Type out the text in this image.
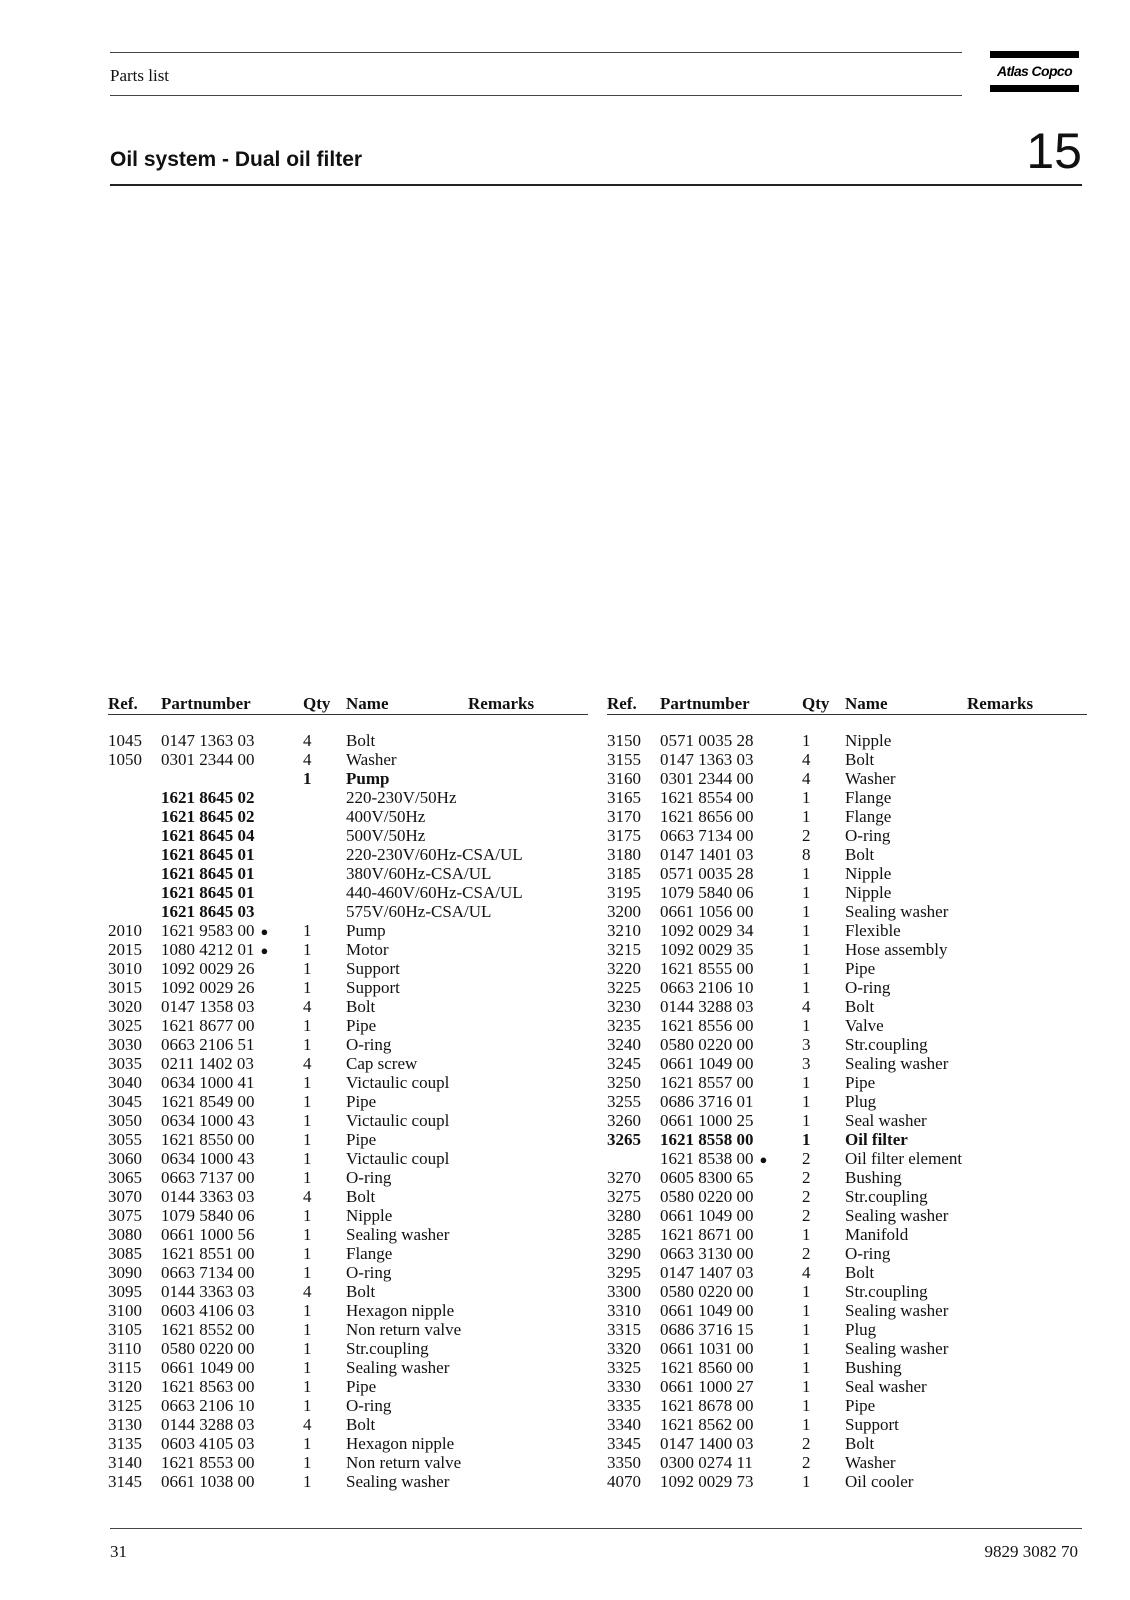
Parts list	Atlas Copco
Oil system - Dual oil filter	15
Ref. Partnumber	Qty Name	Remarks
1045 0147 1363 03	4 Bolt
1050 0301 2344 00	4 Washer
1 Pump
1621 8645 02	220-230V/50Hz
1621 8645 02	400V/50Hz
1621 8645 04	500V/50Hz
1621 8645 01	220-230V/60Hz-CSA/UL
1621 8645 01	380V/60Hz-CSA/UL
1621 8645 01	440-460V/60Hz-CSA/UL
1621 8645 03	575V/60Hz-CSA/UL
2010 1621 9583 00 ● 1 Pump
2015 1080 4212 01 ● 1 Motor
3010 1092 0029 26	1 Support
3015 1092 0029 26	1 Support
3020 0147 1358 03	4 Bolt
3025 1621 8677 00	1 Pipe
3030 0663 2106 51	1 O-ring
3035 0211 1402 03	4 Cap screw
3040 0634 1000 41	1 Victaulic coupl
3045 1621 8549 00	1 Pipe
3050 0634 1000 43	1 Victaulic coupl
3055 1621 8550 00	1 Pipe
3060 0634 1000 43	1 Victaulic coupl
3065 0663 7137 00	1 O-ring
3070 0144 3363 03	4 Bolt
3075 1079 5840 06	1 Nipple
3080 0661 1000 56	1 Sealing washer
3085 1621 8551 00	1 Flange
3090 0663 7134 00	1 O-ring
3095 0144 3363 03	4 Bolt
3100 0603 4106 03	1 Hexagon nipple
3105 1621 8552 00	1 Non return valve
3110 0580 0220 00	1 Str.coupling
3115 0661 1049 00	1 Sealing washer
3120 1621 8563 00	1 Pipe
3125 0663 2106 10	1 O-ring
3130 0144 3288 03	4 Bolt
3135 0603 4105 03	1 Hexagon nipple
3140 1621 8553 00	1 Non return valve
3145 0661 1038 00	1 Sealing washer
Ref. Partnumber	Qty Name	Remarks
3150 0571 0035 28	1 Nipple
3155 0147 1363 03	4 Bolt
3160 0301 2344 00	4 Washer
3165 1621 8554 00	1 Flange
3170 1621 8656 00	1 Flange
3175 0663 7134 00	2 O-ring
3180 0147 1401 03	8 Bolt
3185 0571 0035 28	1 Nipple
3195 1079 5840 06	1 Nipple
3200 0661 1056 00	1 Sealing washer
3210 1092 0029 34	1 Flexible
3215 1092 0029 35	1 Hose assembly
3220 1621 8555 00	1 Pipe
3225 0663 2106 10	1 O-ring
3230 0144 3288 03	4 Bolt
3235 1621 8556 00	1 Valve
3240 0580 0220 00	3 Str.coupling
3245 0661 1049 00	3 Sealing washer
3250 1621 8557 00	1 Pipe
3255 0686 3716 01	1 Plug
3260 0661 1000 25	1 Seal washer
3265 1621 8558 00	1 Oil filter
1621 8538 00 ● 2 Oil filter element
3270 0605 8300 65	2 Bushing
3275 0580 0220 00	2 Str.coupling
3280 0661 1049 00	2 Sealing washer
3285 1621 8671 00	1 Manifold
3290 0663 3130 00	2 O-ring
3295 0147 1407 03	4 Bolt
3300 0580 0220 00	1 Str.coupling
3310 0661 1049 00	1 Sealing washer
3315 0686 3716 15	1 Plug
3320 0661 1031 00	1 Sealing washer
3325 1621 8560 00	1 Bushing
3330 0661 1000 27	1 Seal washer
3335 1621 8678 00	1 Pipe
3340 1621 8562 00	1 Support
3345 0147 1400 03	2 Bolt
3350 0300 0274 11	2 Washer
4070 1092 0029 73	1 Oil cooler
31	9829 3082 70
